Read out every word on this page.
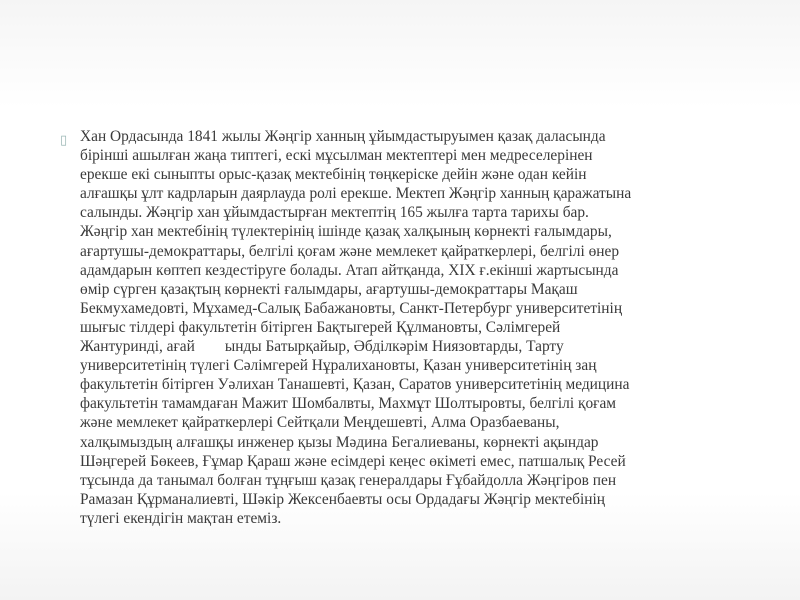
▯ Хан Ордасында 1841 жылы Жәңгір ханның ұйымдастыруымен қазақ даласында
бірінші ашылған жаңа типтегі, ескі мұсылман мектептері мен медреселерінен
ерекше екі сыныпты орыс-қазақ мектебінің төңкеріске дейін және одан кейін
алғашқы ұлт кадрларын даярлауда ролі ерекше. Мектеп Жәңгір ханның қаражатына
салынды. Жәңгір хан ұйымдастырған мектептің 165 жылға тарта тарихы бар.
Жәңгір хан мектебінің түлектерінің ішінде қазақ халқының көрнекті ғалымдары,
ағартушы-демократтары, белгілі қоғам және мемлекет қайраткерлері, белгілі өнер
адамдарын көптеп кездестіруге болады. Атап айтқанда, XIX ғ.екінші жартысында
өмір сүрген қазақтың көрнекті ғалымдары, ағартушы-демократтары Мақаш
Бекмухамедовті, Мұхамед-Салық Бабажановты, Санкт-Петербург университетінің
шығыс тілдері факультетін бітірген Бақтыгерей Құлмановты, Сәлімгерей
Жантуринді, ағай ынды Батырқайыр, Әбділкәрім Ниязовтарды, Тарту
университетінің түлегі Сәлімгерей Нұралихановты, Қазан университетінің заң
факультетін бітірген Уәлихан Танашевті, Қазан, Саратов университетінің медицина
факультетін тамамдаған Мажит Шомбалвты, Махмұт Шолтыровты, белгілі қоғам
және мемлекет қайраткерлері Сейтқали Меңдешевті, Алма Оразбаеваны,
халқымыздың алғашқы инженер қызы Мәдина Бегалиеваны, көрнекті ақындар
Шәңгерей Бөкеев, Ғұмар Қараш және есімдері кеңес өкіметі емес, патшалық Ресей
тұсында да танымал болған тұңғыш қазақ генералдары Ғұбайдолла Жәңгіров пен
Рамазан Құрманалиевті, Шәкір Жексенбаевты осы Ордадағы Жәңгір мектебінің
түлегі екендігін мақтан етеміз.
